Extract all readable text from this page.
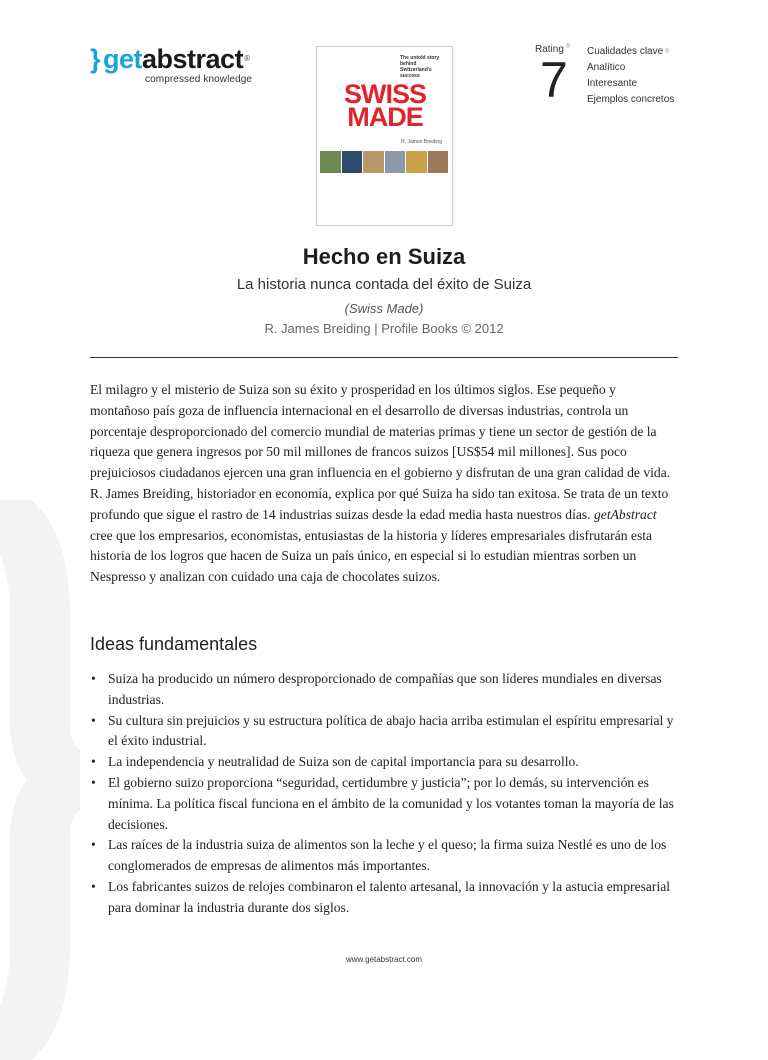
} get abstract ®
compressed knowledge
The untold story behind Switzerland's success
SWISS
MADE
R. James Breiding
Rating ®
7
Cualidades clave ®
Analítico
Interesante
Ejemplos concretos
Hecho en Suiza
La historia nunca contada del éxito de Suiza
(Swiss Made)
R. James Breiding | Profile Books © 2012

El milagro y el misterio de Suiza son su éxito y prosperidad en los últimos siglos. Ese pequeño y montañoso país goza de influencia internacional en el desarrollo de diversas industrias, controla un porcentaje desproporcionado del comercio mundial de materias primas y tiene un sector de gestión de la riqueza que genera ingresos por 50 mil millones de francos suizos [US$54 mil millones]. Sus poco prejuiciosos ciudadanos ejercen una gran influencia en el gobierno y disfrutan de una gran calidad de vida. R. James Breiding, historiador en economía, explica por qué Suiza ha sido tan exitosa. Se trata de un texto profundo que sigue el rastro de 14 industrias suizas desde la edad media hasta nuestros días. getAbstract cree que los empresarios, economistas, entusiastas de la historia y líderes empresariales disfrutarán esta historia de los logros que hacen de Suiza un país único, en especial si lo estudian mientras sorben un Nespresso y analizan con cuidado una caja de chocolates suizos.

Ideas fundamentales
• Suiza ha producido un número desproporcionado de compañías que son líderes mundiales en diversas industrias.
• Su cultura sin prejuicios y su estructura política de abajo hacia arriba estimulan el espíritu empresarial y el éxito industrial.
• La independencia y neutralidad de Suiza son de capital importancia para su desarrollo.
• El gobierno suizo proporciona “seguridad, certidumbre y justicia”; por lo demás, su intervención es mínima. La política fiscal funciona en el ámbito de la comunidad y los votantes toman la mayoría de las decisiones.
• Las raíces de la industria suiza de alimentos son la leche y el queso; la firma suiza Nestlé es uno de los conglomerados de empresas de alimentos más importantes.
• Los fabricantes suizos de relojes combinaron el talento artesanal, la innovación y la astucia empresarial para dominar la industria durante dos siglos.
www.getabstract.com
